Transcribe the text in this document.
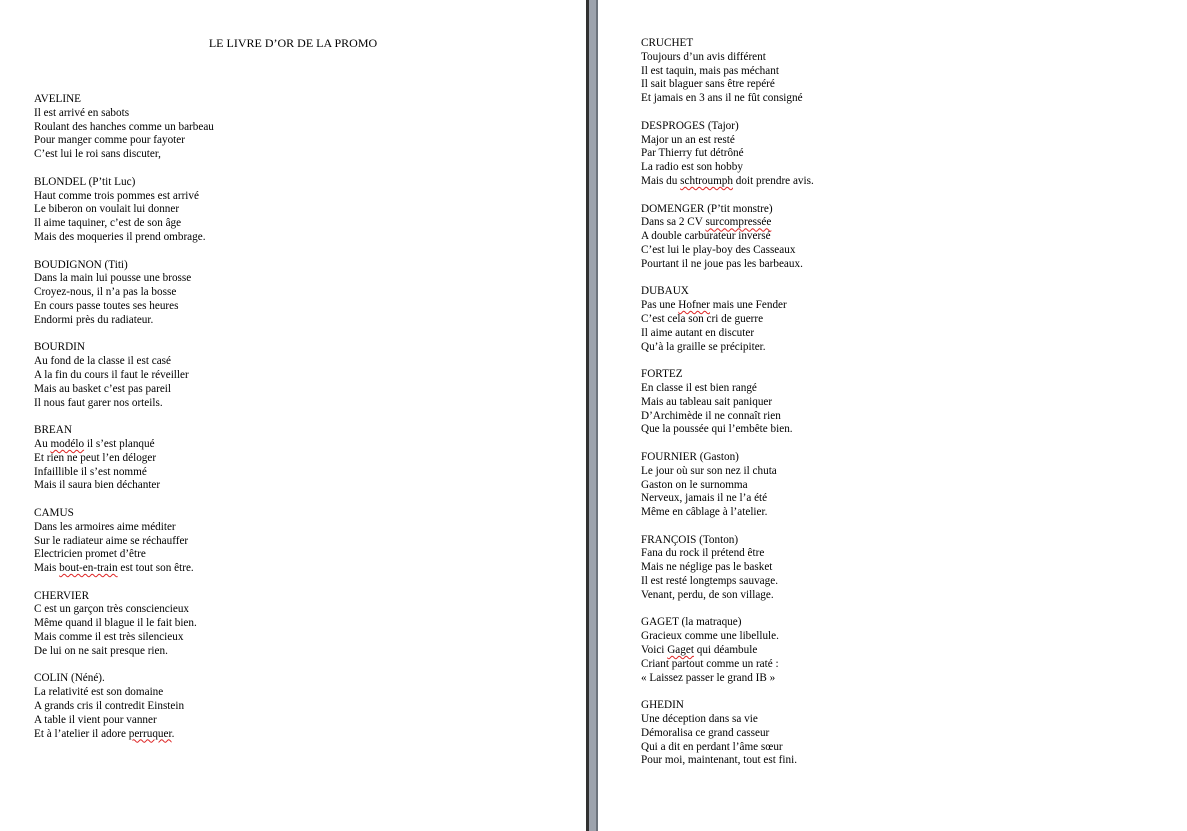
LE LIVRE D’OR DE LA PROMO
AVELINE
Il est arrivé en sabots
Roulant des hanches comme un barbeau
Pour manger comme pour fayoter
C’est lui le roi sans discuter,
BLONDEL (P’tit Luc)
Haut comme trois pommes est arrivé
Le biberon on voulait lui donner
Il aime taquiner, c’est de son âge
Mais des moqueries il prend ombrage.
BOUDIGNON (Titi)
Dans la main lui pousse une brosse
Croyez-nous, il n’a pas la bosse
En cours passe toutes ses heures
Endormi près du radiateur.
BOURDIN
Au fond de la classe il est casé
A la fin du cours il faut le réveiller
Mais au basket c’est pas pareil
Il nous faut garer nos orteils.
BREAN
Au modélo il s’est planqué
Et rien ne peut l’en déloger
Infaillible il s’est nommé
Mais il saura bien déchanter
CAMUS
Dans les armoires aime méditer
Sur le radiateur aime se réchauffer
Electricien promet d’être
Mais bout-en-train est tout son être.
CHERVIER
C est un garçon très consciencieux
Même quand il blague il le fait bien.
Mais comme il est très silencieux
De lui on ne sait presque rien.
COLIN (Néné).
La relativité est son domaine
A grands cris il contredit Einstein
A table il vient pour vanner
Et à l’atelier il adore perruquer.
CRUCHET
Toujours d’un avis différent
Il est taquin, mais pas méchant
Il sait blaguer sans être repéré
Et jamais en 3 ans il ne fût consigné
DESPROGES (Tajor)
Major un an est resté
Par Thierry fut détrôné
La radio est son hobby
Mais du schtroumph doit prendre avis.
DOMENGER (P’tit monstre)
Dans sa 2 CV surcompressée
A double carburateur inversé
C’est lui le play-boy des Casseaux
Pourtant il ne joue pas les barbeaux.
DUBAUX
Pas une Hofner mais une Fender
C’est cela son cri de guerre
Il aime autant en discuter
Qu’à la graille se précipiter.
FORTEZ
En classe il est bien rangé
Mais au tableau sait paniquer
D’Archimède il ne connaît rien
Que la poussée qui l’embête bien.
FOURNIER (Gaston)
Le jour où sur son nez il chuta
Gaston on le surnomma
Nerveux, jamais il ne l’a été
Même en câblage à l’atelier.
FRANÇOIS (Tonton)
Fana du rock il prétend être
Mais ne néglige pas le basket
Il est resté longtemps sauvage.
Venant, perdu, de son village.
GAGET (la matraque)
Gracieux comme une libellule.
Voici Gaget qui déambule
Criant partout comme un raté :
« Laissez passer le grand IB »
GHEDIN
Une déception dans sa vie
Démoralisa ce grand casseur
Qui a dit en perdant l’âme sœur
Pour moi, maintenant, tout est fini.
